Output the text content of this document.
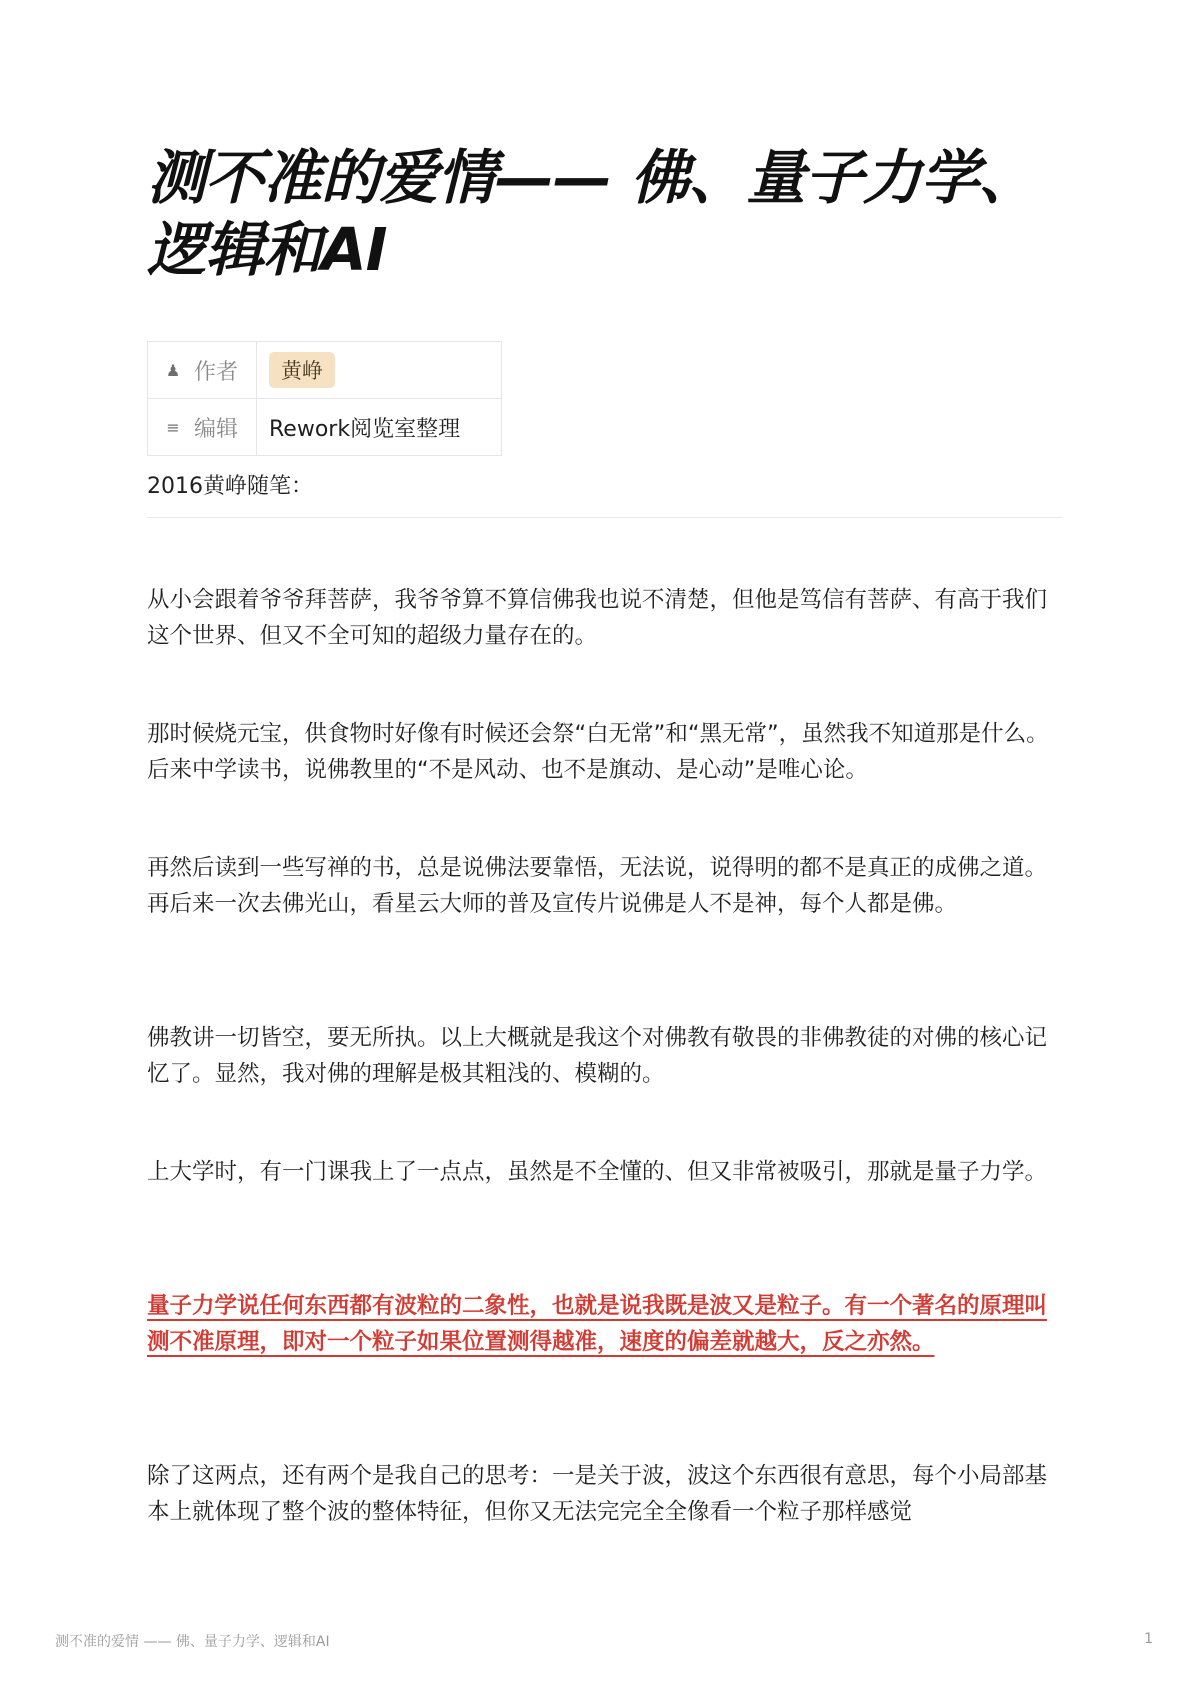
测不准的爱情—— 佛、量子力学、逻辑和AI
♟ 作者	黄峥

≡ 编辑	Rework阅览室整理
2016黄峥随笔：

从小会跟着爷爷拜菩萨，我爷爷算不算信佛我也说不清楚，但他是笃信有菩萨、有高于我们这个世界、但又不全可知的超级力量存在的。

那时候烧元宝，供食物时好像有时候还会祭“白无常”和“黑无常”，虽然我不知道那是什么。后来中学读书，说佛教里的“不是风动、也不是旗动、是心动”是唯心论。

再然后读到一些写禅的书，总是说佛法要靠悟，无法说，说得明的都不是真正的成佛之道。再后来一次去佛光山，看星云大师的普及宣传片说佛是人不是神，每个人都是佛。

佛教讲一切皆空，要无所执。以上大概就是我这个对佛教有敬畏的非佛教徒的对佛的核心记忆了。显然，我对佛的理解是极其粗浅的、模糊的。

上大学时，有一门课我上了一点点，虽然是不全懂的、但又非常被吸引，那就是量子力学。

量子力学说任何东西都有波粒的二象性，也就是说我既是波又是粒子。有一个著名的原理叫测不准原理，即对一个粒子如果位置测得越准，速度的偏差就越大，反之亦然。

除了这两点，还有两个是我自己的思考：一是关于波，波这个东西很有意思，每个小局部基本上就体现了整个波的整体特征，但你又无法完完全全像看一个粒子那样感觉

测不准的爱情 —— 佛、量子力学、逻辑和AI	1
